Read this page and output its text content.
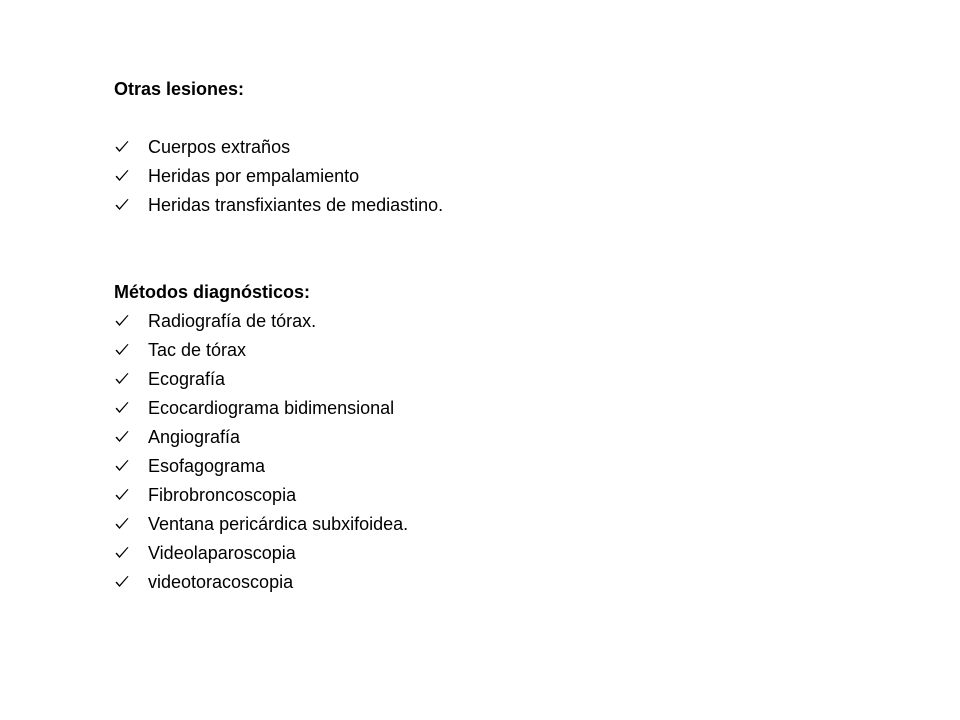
Otras lesiones:

Cuerpos extraños
Heridas por empalamiento
Heridas transfixiantes de mediastino.

Métodos diagnósticos:

Radiografía de tórax.
Tac de tórax
Ecografía
Ecocardiograma bidimensional
Angiografía
Esofagograma
Fibrobroncoscopia
Ventana pericárdica subxifoidea.
Videolaparoscopia
videotoracoscopia
